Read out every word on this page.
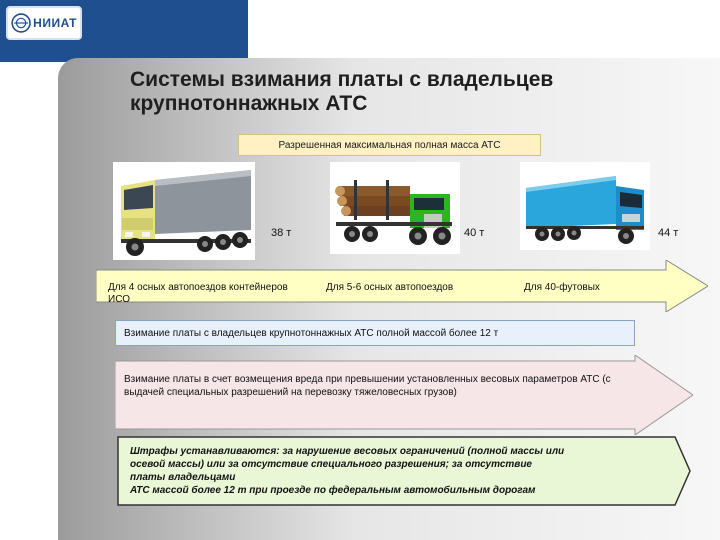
НИИАТ
Системы взимания платы с владельцев крупнотоннажных АТС
Разрешенная максимальная полная масса АТС
38 т	40 т	44 т
Для 4 осных автопоездов контейнеров ИСО
Для 5-6 осных автопоездов	Для 40-футовых
Взимание платы с владельцев крупнотоннажных АТС полной массой более 12 т
Взимание платы в счет возмещения вреда при превышении установленных весовых параметров АТС (с выдачей специальных разрешений на перевозку тяжеловесных грузов)
Штрафы устанавливаются: за нарушение весовых ограничений (полной массы или
осевой массы) или за отсутствие специального разрешения; за отсутствие
платы владельцами
АТС массой более 12 т при проезде по федеральным автомобильным дорогам
